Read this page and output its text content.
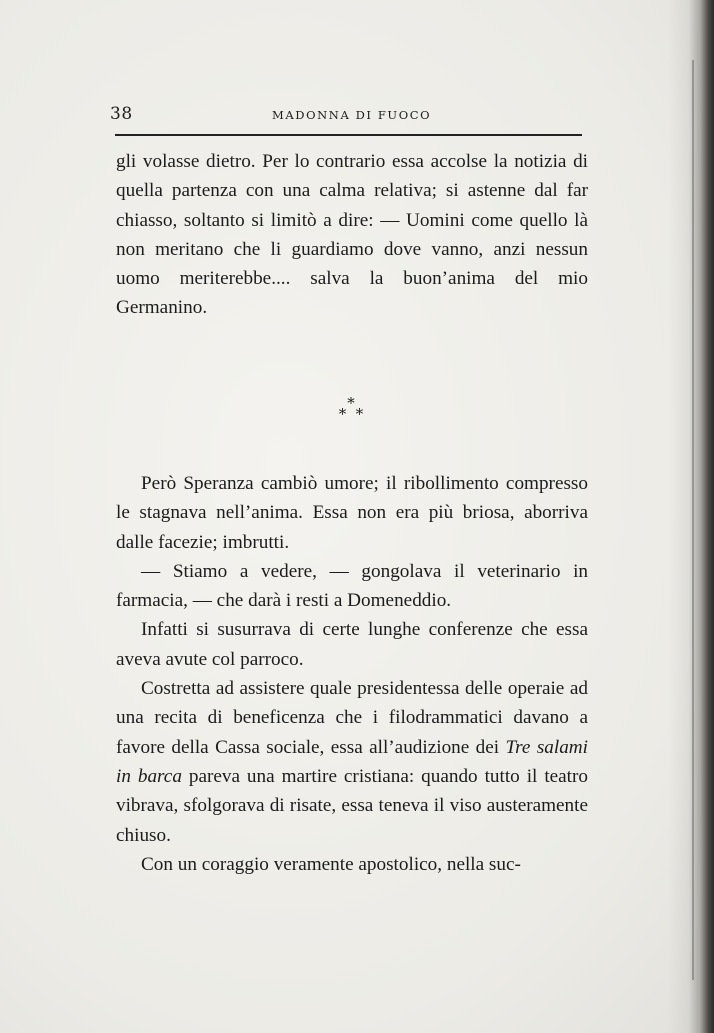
38	MADONNA DI FUOCO

gli volasse dietro. Per lo contrario essa accolse la notizia di quella partenza con una calma relativa; si astenne dal far chiasso, soltanto si limitò a dire: — Uomini come quello là non meritano che li guardiamo dove vanno, anzi nessun uomo meriterebbe.... salva la buon’anima del mio Germanino.

*
* *
Però Speranza cambiò umore; il ribollimento compresso le stagnava nell’anima. Essa non era più briosa, aborriva dalle facezie; imbrutti.
— Stiamo a vedere, — gongolava il veterinario in farmacia, — che darà i resti a Domeneddio.
Infatti si susurrava di certe lunghe conferenze che essa aveva avute col parroco.
Costretta ad assistere quale presidentessa delle operaie ad una recita di beneficenza che i filodrammatici davano a favore della Cassa sociale, essa all’audizione dei Tre salami in barca pareva una martire cristiana: quando tutto il teatro vibrava, sfolgorava di risate, essa teneva il viso austeramente chiuso.
Con un coraggio veramente apostolico, nella suc-
